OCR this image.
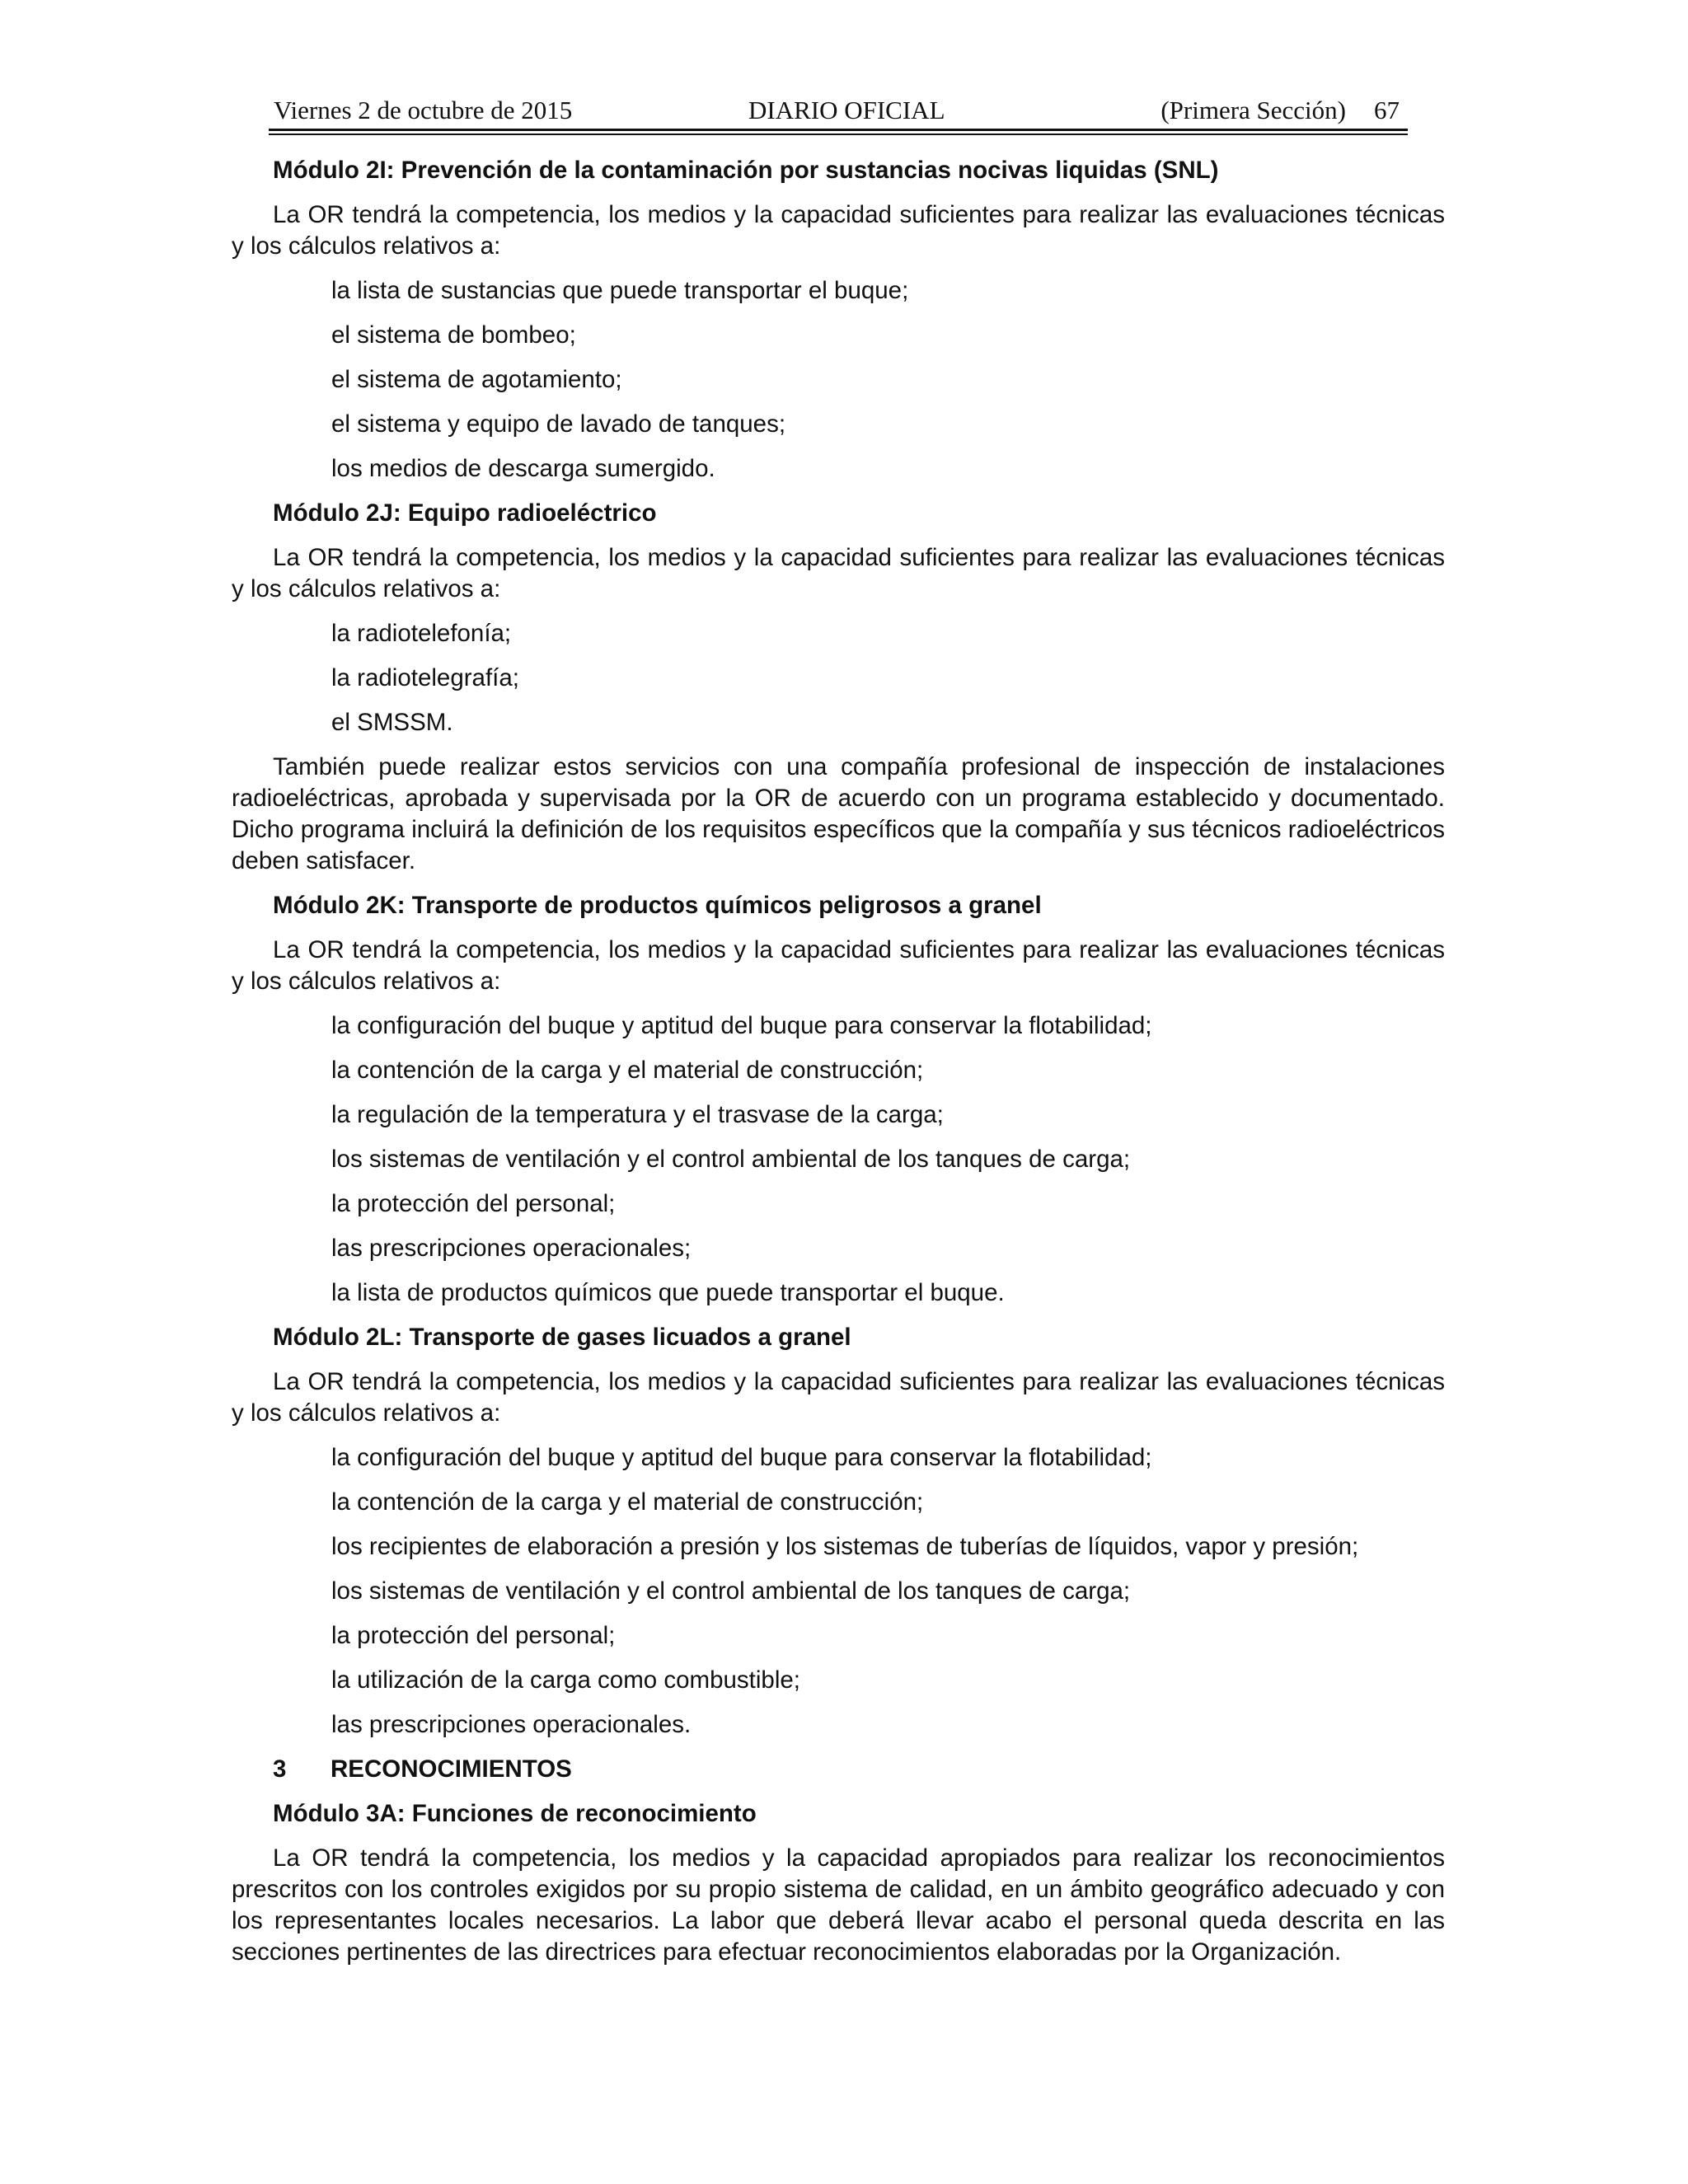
Viernes 2 de octubre de 2015	DIARIO OFICIAL	(Primera Sección) 67
Módulo 2I: Prevención de la contaminación por sustancias nocivas liquidas (SNL)
La OR tendrá la competencia, los medios y la capacidad suficientes para realizar las evaluaciones técnicas y los cálculos relativos a:
la lista de sustancias que puede transportar el buque;
el sistema de bombeo;
el sistema de agotamiento;
el sistema y equipo de lavado de tanques;
los medios de descarga sumergido.
Módulo 2J: Equipo radioeléctrico
La OR tendrá la competencia, los medios y la capacidad suficientes para realizar las evaluaciones técnicas y los cálculos relativos a:
la radiotelefonía;
la radiotelegrafía;
el SMSSM.
También puede realizar estos servicios con una compañía profesional de inspección de instalaciones radioeléctricas, aprobada y supervisada por la OR de acuerdo con un programa establecido y documentado. Dicho programa incluirá la definición de los requisitos específicos que la compañía y sus técnicos radioeléctricos deben satisfacer.
Módulo 2K: Transporte de productos químicos peligrosos a granel
La OR tendrá la competencia, los medios y la capacidad suficientes para realizar las evaluaciones técnicas y los cálculos relativos a:
la configuración del buque y aptitud del buque para conservar la flotabilidad;
la contención de la carga y el material de construcción;
la regulación de la temperatura y el trasvase de la carga;
los sistemas de ventilación y el control ambiental de los tanques de carga;
la protección del personal;
las prescripciones operacionales;
la lista de productos químicos que puede transportar el buque.
Módulo 2L: Transporte de gases licuados a granel
La OR tendrá la competencia, los medios y la capacidad suficientes para realizar las evaluaciones técnicas y los cálculos relativos a:
la configuración del buque y aptitud del buque para conservar la flotabilidad;
la contención de la carga y el material de construcción;
los recipientes de elaboración a presión y los sistemas de tuberías de líquidos, vapor y presión;
los sistemas de ventilación y el control ambiental de los tanques de carga;
la protección del personal;
la utilización de la carga como combustible;
las prescripciones operacionales.
3 RECONOCIMIENTOS
Módulo 3A: Funciones de reconocimiento
La OR tendrá la competencia, los medios y la capacidad apropiados para realizar los reconocimientos prescritos con los controles exigidos por su propio sistema de calidad, en un ámbito geográfico adecuado y con los representantes locales necesarios. La labor que deberá llevar acabo el personal queda descrita en las secciones pertinentes de las directrices para efectuar reconocimientos elaboradas por la Organización.
